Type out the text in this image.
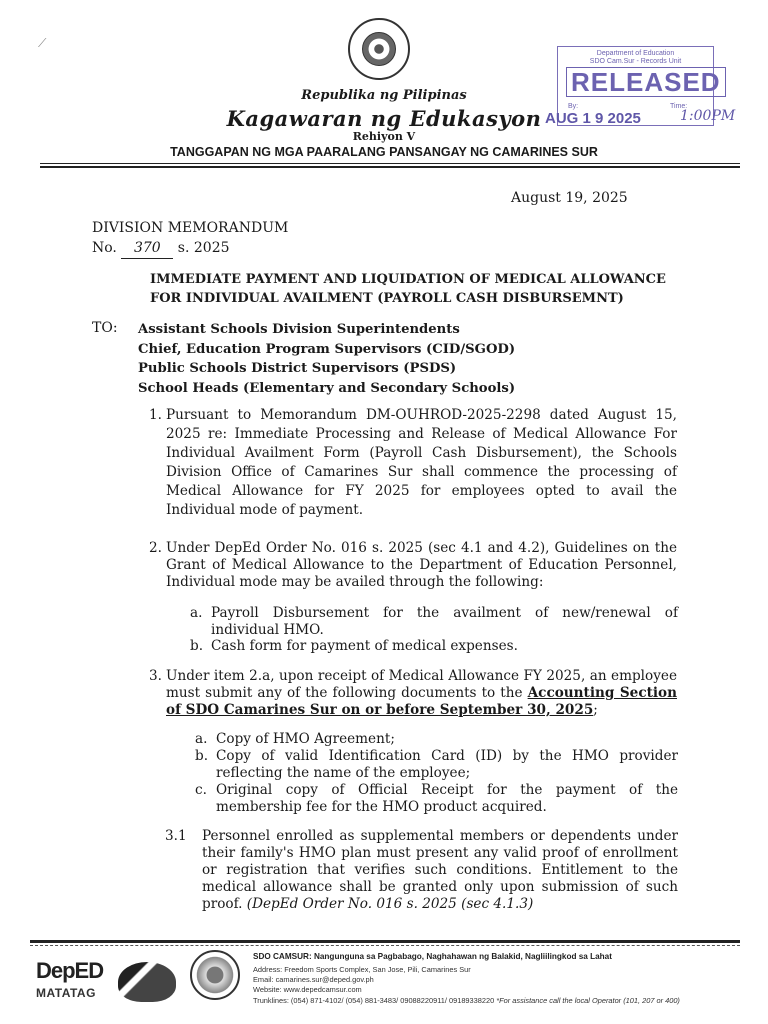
⟋
Republika ng Pilipinas
Kagawaran ng Edukasyon
Rehiyon V
TANGGAPAN NG MGA PAARALANG PANSANGAY NG CAMARINES SUR
Department of Education
SDO Cam.Sur - Records Unit
RELEASED
By:	Time:
AUG 1 9 2025	1:00PM
August 19, 2025
DIVISION MEMORANDUM
No. 370 s. 2025
IMMEDIATE PAYMENT AND LIQUIDATION OF MEDICAL ALLOWANCE
FOR INDIVIDUAL AVAILMENT (PAYROLL CASH DISBURSEMNT)
TO: Assistant Schools Division Superintendents
Chief, Education Program Supervisors (CID/SGOD)
Public Schools District Supervisors (PSDS)
School Heads (Elementary and Secondary Schools)
1. Pursuant to Memorandum DM-OUHROD-2025-2298 dated August 15, 2025 re: Immediate Processing and Release of Medical Allowance For Individual Availment Form (Payroll Cash Disbursement), the Schools Division Office of Camarines Sur shall commence the processing of Medical Allowance for FY 2025 for employees opted to avail the Individual mode of payment.
2. Under DepEd Order No. 016 s. 2025 (sec 4.1 and 4.2), Guidelines on the Grant of Medical Allowance to the Department of Education Personnel, Individual mode may be availed through the following:
a. Payroll Disbursement for the availment of new/renewal of individual HMO.
b. Cash form for payment of medical expenses.
3. Under item 2.a, upon receipt of Medical Allowance FY 2025, an employee must submit any of the following documents to the Accounting Section of SDO Camarines Sur on or before September 30, 2025;
a. Copy of HMO Agreement;
b. Copy of valid Identification Card (ID) by the HMO provider reflecting the name of the employee;
c. Original copy of Official Receipt for the payment of the membership fee for the HMO product acquired.
3.1 Personnel enrolled as supplemental members or dependents under their family's HMO plan must present any valid proof of enrollment or registration that verifies such conditions. Entitlement to the medical allowance shall be granted only upon submission of such proof. (DepEd Order No. 016 s. 2025 (sec 4.1.3)
DepED
MATATAG
SDO CAMSUR: Nangunguna sa Pagbabago, Naghahawan ng Balakid, Nagliilingkod sa Lahat
Address: Freedom Sports Complex, San Jose, Pili, Camarines Sur
Email: camarines.sur@deped.gov.ph
Website: www.depedcamsur.com
Trunklines: (054) 871-4102/ (054) 881-3483/ 09088220911/ 09189338220 *For assistance call the local Operator (101, 207 or 400)
